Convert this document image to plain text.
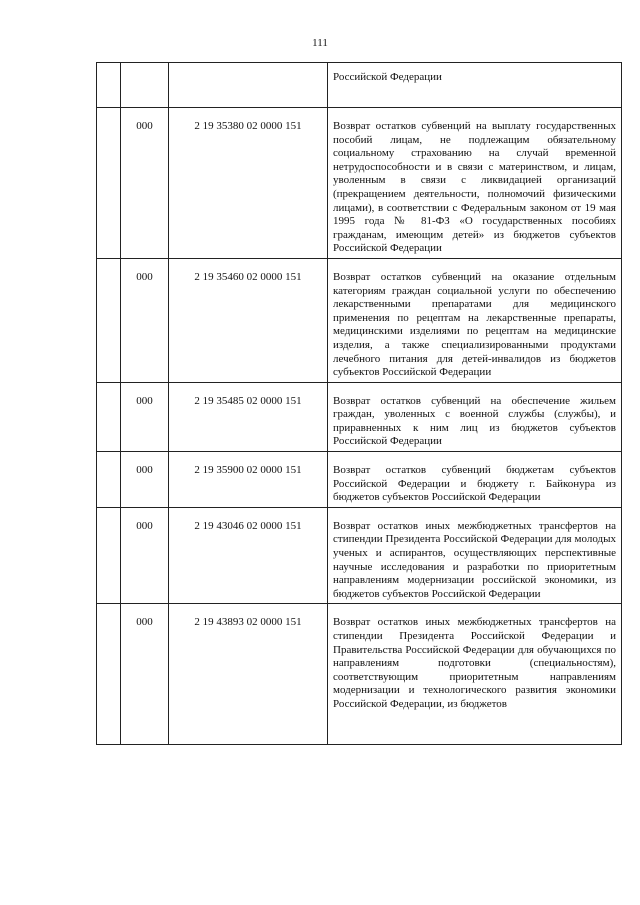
111
			Российской Федерации
	000	2 19 35380 02 0000 151	Возврат остатков субвенций на выплату государственных пособий лицам, не подлежащим обязательному социальному страхованию на случай временной нетрудоспособности и в связи с материнством, и лицам, уволенным в связи с ликвидацией организаций (прекращением деятельности, полномочий физическими лицами), в соответствии с Федеральным законом от 19 мая 1995 года № 81-ФЗ «О государственных пособиях гражданам, имеющим детей» из бюджетов субъектов Российской Федерации
	000	2 19 35460 02 0000 151	Возврат остатков субвенций на оказание отдельным категориям граждан социальной услуги по обеспечению лекарственными препаратами для медицинского применения по рецептам на лекарственные препараты, медицинскими изделиями по рецептам на медицинские изделия, а также специализированными продуктами лечебного питания для детей-инвалидов из бюджетов субъектов Российской Федерации
	000	2 19 35485 02 0000 151	Возврат остатков субвенций на обеспечение жильем граждан, уволенных с военной службы (службы), и приравненных к ним лиц из бюджетов субъектов Российской Федерации
	000	2 19 35900 02 0000 151	Возврат остатков субвенций бюджетам субъектов Российской Федерации и бюджету г. Байконура из бюджетов субъектов Российской Федерации
	000	2 19 43046 02 0000 151	Возврат остатков иных межбюджетных трансфертов на стипендии Президента Российской Федерации для молодых ученых и аспирантов, осуществляющих перспективные научные исследования и разработки по приоритетным направлениям модернизации российской экономики, из бюджетов субъектов Российской Федерации
	000	2 19 43893 02 0000 151	Возврат остатков иных межбюджетных трансфертов на стипендии Президента Российской Федерации и Правительства Российской Федерации для обучающихся по направлениям подготовки (специальностям), соответствующим приоритетным направлениям модернизации и технологического развития экономики Российской Федерации, из бюджетов
